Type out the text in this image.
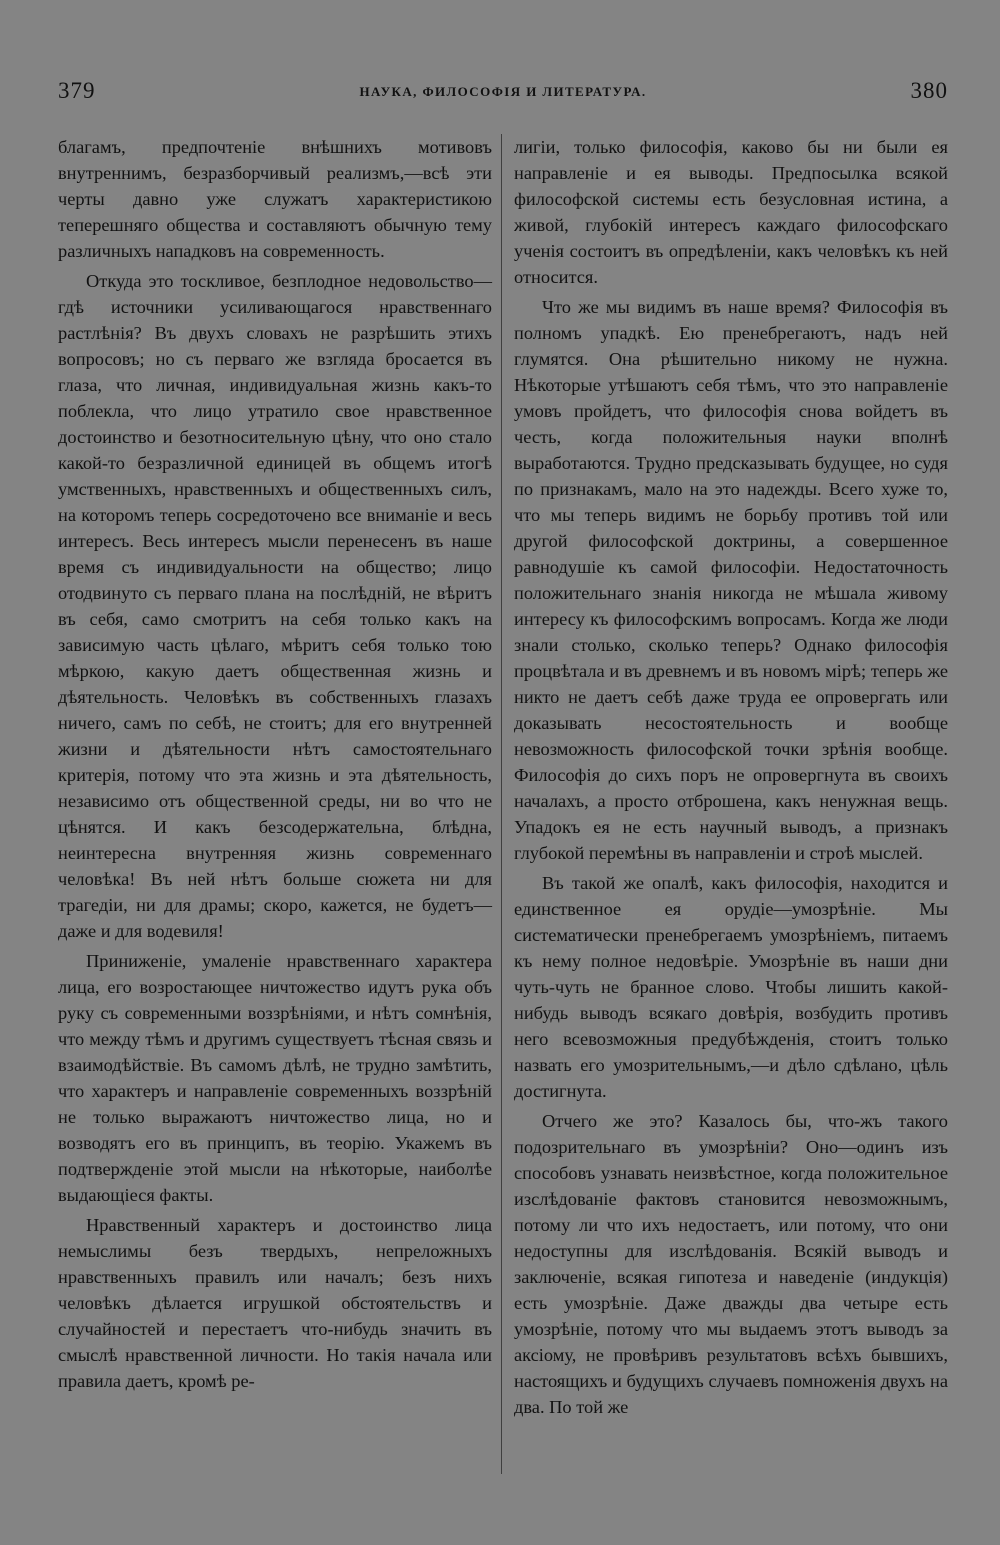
379	НАУКА, ФИЛОСОФІЯ И ЛИТЕРАТУРА.	380

благамъ, предпочтеніе внѣшнихъ мотивовъ внутреннимъ, безразборчивый реализмъ,—всѣ эти черты давно уже служатъ характеристикою теперешняго общества и составляютъ обычную тему различныхъ нападковъ на современность.

Откуда это тоскливое, безплодное недовольство—гдѣ источники усиливающагося нравственнаго растлѣнія? Въ двухъ словахъ не разрѣшить этихъ вопросовъ; но съ перваго же взгляда бросается въ глаза, что личная, индивидуальная жизнь какъ-то поблекла, что лицо утратило свое нравственное достоинство и безотносительную цѣну, что оно стало какой-то безразличной единицей въ общемъ итогѣ умственныхъ, нравственныхъ и общественныхъ силъ, на которомъ теперь сосредоточено все вниманіе и весь интересъ. Весь интересъ мысли перенесенъ въ наше время съ индивидуальности на общество; лицо отодвинуто съ перваго плана на послѣдній, не вѣритъ въ себя, само смотритъ на себя только какъ на зависимую часть цѣлаго, мѣритъ себя только тою мѣркою, какую даетъ общественная жизнь и дѣятельность. Человѣкъ въ собственныхъ глазахъ ничего, самъ по себѣ, не стоитъ; для его внутренней жизни и дѣятельности нѣтъ самостоятельнаго критерія, потому что эта жизнь и эта дѣятельность, независимо отъ общественной среды, ни во что не цѣнятся. И какъ безсодержательна, блѣдна, неинтересна внутренняя жизнь современнаго человѣка! Въ ней нѣтъ больше сюжета ни для трагедіи, ни для драмы; скоро, кажется, не будетъ—даже и для водевиля!

Приниженіе, умаленіе нравственнаго характера лица, его возростающее ничтожество идутъ рука объ руку съ современными воззрѣніями, и нѣтъ сомнѣнія, что между тѣмъ и другимъ существуетъ тѣсная связь и взаимодѣйствіе. Въ самомъ дѣлѣ, не трудно замѣтить, что характеръ и направленіе современныхъ воззрѣній не только выражаютъ ничтожество лица, но и возводятъ его въ принципъ, въ теорію. Укажемъ въ подтвержденіе этой мысли на нѣкоторые, наиболѣе выдающіеся факты.

Нравственный характеръ и достоинство лица немыслимы безъ твердыхъ, непреложныхъ нравственныхъ правилъ или началъ; безъ нихъ человѣкъ дѣлается игрушкой обстоятельствъ и случайностей и перестаетъ что-нибудь значить въ смыслѣ нравственной личности. Но такія начала или правила даетъ, кромѣ ре-

лигіи, только философія, каково бы ни были ея направленіе и ея выводы. Предпосылка всякой философской системы есть безусловная истина, а живой, глубокій интересъ каждаго философскаго ученія состоитъ въ опредѣленіи, какъ человѣкъ къ ней относится.

Что же мы видимъ въ наше время? Философія въ полномъ упадкѣ. Ею пренебрегаютъ, надъ ней глумятся. Она рѣшительно никому не нужна. Нѣкоторые утѣшаютъ себя тѣмъ, что это направленіе умовъ пройдетъ, что философія снова войдетъ въ честь, когда положительныя науки вполнѣ выработаются. Трудно предсказывать будущее, но судя по признакамъ, мало на это надежды. Всего хуже то, что мы теперь видимъ не борьбу противъ той или другой философской доктрины, а совершенное равнодушіе къ самой философіи. Недостаточность положительнаго знанія никогда не мѣшала живому интересу къ философскимъ вопросамъ. Когда же люди знали столько, сколько теперь? Однако философія процвѣтала и въ древнемъ и въ новомъ мірѣ; теперь же никто не даетъ себѣ даже труда ее опровергать или доказывать несостоятельность и вообще невозможность философской точки зрѣнія вообще. Философія до сихъ поръ не опровергнута въ своихъ началахъ, а просто отброшена, какъ ненужная вещь. Упадокъ ея не есть научный выводъ, а признакъ глубокой перемѣны въ направленіи и строѣ мыслей.

Въ такой же опалѣ, какъ философія, находится и единственное ея орудіе—умозрѣніе. Мы систематически пренебрегаемъ умозрѣніемъ, питаемъ къ нему полное недовѣріе. Умозрѣніе въ наши дни чуть-чуть не бранное слово. Чтобы лишить какой-нибудь выводъ всякаго довѣрія, возбудить противъ него всевозможныя предубѣжденія, стоитъ только назвать его умозрительнымъ,—и дѣло сдѣлано, цѣль достигнута.

Отчего же это? Казалось бы, что-жъ такого подозрительнаго въ умозрѣніи? Оно—одинъ изъ способовъ узнавать неизвѣстное, когда положительное изслѣдованіе фактовъ становится невозможнымъ, потому ли что ихъ недостаетъ, или потому, что они недоступны для изслѣдованія. Всякій выводъ и заключеніе, всякая гипотеза и наведеніе (индукція) есть умозрѣніе. Даже дважды два четыре есть умозрѣніе, потому что мы выдаемъ этотъ выводъ за аксіому, не провѣривъ результатовъ всѣхъ бывшихъ, настоящихъ и будущихъ случаевъ помноженія двухъ на два. По той же
